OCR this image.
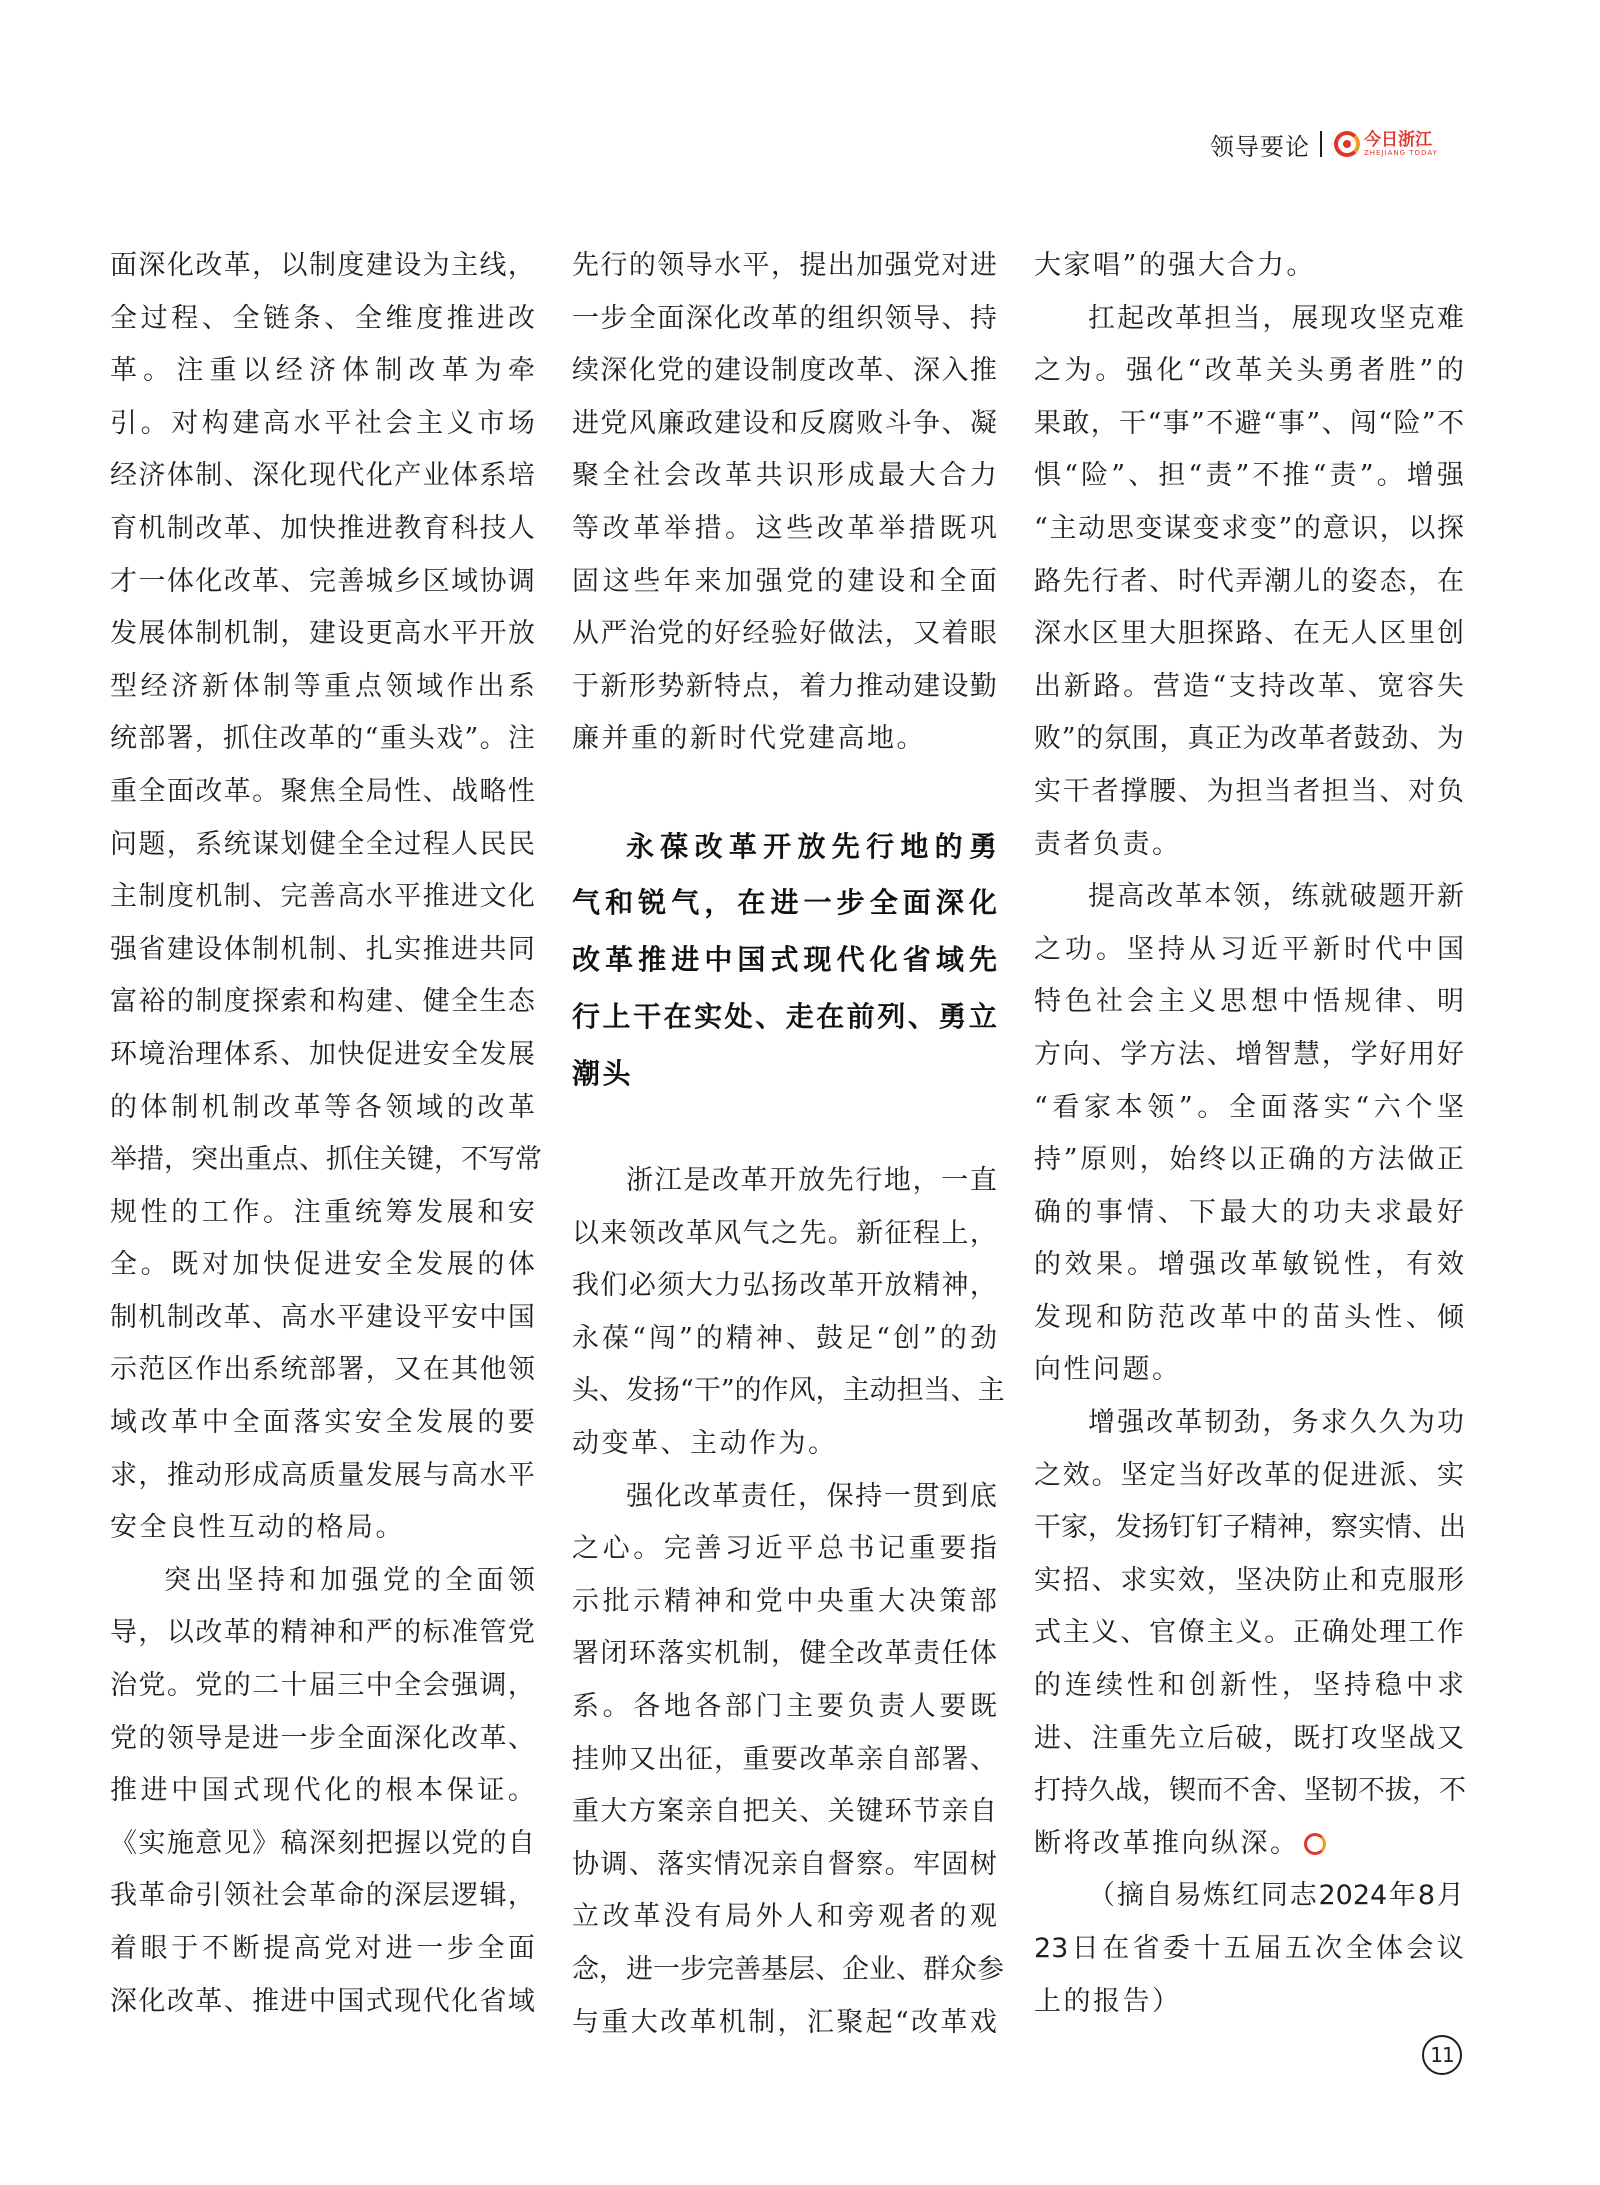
领导要论	今日浙江
ZHEJIANG TODAY
面 深 化 改 革 ， 以 制 度 建 设 为 主 线 ，
全 过 程 、 全 链 条 、 全 维 度 推 进 改
革 。 注 重 以 经 济 体 制 改 革 为 牵
引 。 对 构 建 高 水 平 社 会 主 义 市 场
经 济 体 制 、 深 化 现 代 化 产 业 体 系 培
育 机 制 改 革 、 加 快 推 进 教 育 科 技 人
才 一 体 化 改 革 、 完 善 城 乡 区 域 协 调
发 展 体 制 机 制 ， 建 设 更 高 水 平 开 放
型 经 济 新 体 制 等 重 点 领 域 作 出 系
统 部 署 ， 抓 住 改 革 的 “ 重 头 戏 ” 。 注
重 全 面 改 革 。 聚 焦 全 局 性 、 战 略 性
问 题 ， 系 统 谋 划 健 全 全 过 程 人 民 民
主 制 度 机 制 、 完 善 高 水 平 推 进 文 化
强 省 建 设 体 制 机 制 、 扎 实 推 进 共 同
富 裕 的 制 度 探 索 和 构 建 、 健 全 生 态
环 境 治 理 体 系 、 加 快 促 进 安 全 发 展
的 体 制 机 制 改 革 等 各 领 域 的 改 革
举 措 ， 突 出 重 点 、 抓 住 关 键 ， 不 写 常
规 性 的 工 作 。 注 重 统 筹 发 展 和 安
全 。 既 对 加 快 促 进 安 全 发 展 的 体
制 机 制 改 革 、 高 水 平 建 设 平 安 中 国
示 范 区 作 出 系 统 部 署 ， 又 在 其 他 领
域 改 革 中 全 面 落 实 安 全 发 展 的 要
求 ， 推 动 形 成 高 质 量 发 展 与 高 水 平
安 全 良 性 互 动 的 格 局 。
突 出 坚 持 和 加 强 党 的 全 面 领
导 ， 以 改 革 的 精 神 和 严 的 标 准 管 党
治 党 。 党 的 二 十 届 三 中 全 会 强 调 ，
党 的 领 导 是 进 一 步 全 面 深 化 改 革 、
推 进 中 国 式 现 代 化 的 根 本 保 证 。
《 实 施 意 见 》 稿 深 刻 把 握 以 党 的 自
我 革 命 引 领 社 会 革 命 的 深 层 逻 辑 ，
着 眼 于 不 断 提 高 党 对 进 一 步 全 面
深 化 改 革 、 推 进 中 国 式 现 代 化 省 域
先 行 的 领 导 水 平 ， 提 出 加 强 党 对 进
一 步 全 面 深 化 改 革 的 组 织 领 导 、 持
续 深 化 党 的 建 设 制 度 改 革 、 深 入 推
进 党 风 廉 政 建 设 和 反 腐 败 斗 争 、 凝
聚 全 社 会 改 革 共 识 形 成 最 大 合 力
等 改 革 举 措 。 这 些 改 革 举 措 既 巩
固 这 些 年 来 加 强 党 的 建 设 和 全 面
从 严 治 党 的 好 经 验 好 做 法 ， 又 着 眼
于 新 形 势 新 特 点 ， 着 力 推 动 建 设 勤
廉 并 重 的 新 时 代 党 建 高 地 。
永 葆 改 革 开 放 先 行 地 的 勇
气 和 锐 气 ， 在 进 一 步 全 面 深 化
改 革 推 进 中 国 式 现 代 化 省 域 先
行 上 干 在 实 处 、 走 在 前 列 、 勇 立
潮 头
浙 江 是 改 革 开 放 先 行 地 ， 一 直
以 来 领 改 革 风 气 之 先 。 新 征 程 上 ，
我 们 必 须 大 力 弘 扬 改 革 开 放 精 神 ，
永 葆 “ 闯 ” 的 精 神 、 鼓 足 “ 创 ” 的 劲
头 、 发 扬 “ 干 ” 的 作 风 ， 主 动 担 当 、 主
动 变 革 、 主 动 作 为 。
强 化 改 革 责 任 ， 保 持 一 贯 到 底
之 心 。 完 善 习 近 平 总 书 记 重 要 指
示 批 示 精 神 和 党 中 央 重 大 决 策 部
署 闭 环 落 实 机 制 ， 健 全 改 革 责 任 体
系 。 各 地 各 部 门 主 要 负 责 人 要 既
挂 帅 又 出 征 ， 重 要 改 革 亲 自 部 署 、
重 大 方 案 亲 自 把 关 、 关 键 环 节 亲 自
协 调 、 落 实 情 况 亲 自 督 察 。 牢 固 树
立 改 革 没 有 局 外 人 和 旁 观 者 的 观
念 ， 进 一 步 完 善 基 层 、 企 业 、 群 众 参
与 重 大 改 革 机 制 ， 汇 聚 起 “ 改 革 戏
大 家 唱 ” 的 强 大 合 力 。
扛 起 改 革 担 当 ， 展 现 攻 坚 克 难
之 为 。 强 化 “ 改 革 关 头 勇 者 胜 ” 的
果 敢 ， 干 “ 事 ” 不 避 “ 事 ” 、 闯 “ 险 ” 不
惧 “ 险 ” 、 担 “ 责 ” 不 推 “ 责 ” 。 增 强
“ 主 动 思 变 谋 变 求 变 ” 的 意 识 ， 以 探
路 先 行 者 、 时 代 弄 潮 儿 的 姿 态 ， 在
深 水 区 里 大 胆 探 路 、 在 无 人 区 里 创
出 新 路 。 营 造 “ 支 持 改 革 、 宽 容 失
败 ” 的 氛 围 ， 真 正 为 改 革 者 鼓 劲 、 为
实 干 者 撑 腰 、 为 担 当 者 担 当 、 对 负
责 者 负 责 。
提 高 改 革 本 领 ， 练 就 破 题 开 新
之 功 。 坚 持 从 习 近 平 新 时 代 中 国
特 色 社 会 主 义 思 想 中 悟 规 律 、 明
方 向 、 学 方 法 、 增 智 慧 ， 学 好 用 好
“ 看 家 本 领 ” 。 全 面 落 实 “ 六 个 坚
持 ” 原 则 ， 始 终 以 正 确 的 方 法 做 正
确 的 事 情 、 下 最 大 的 功 夫 求 最 好
的 效 果 。 增 强 改 革 敏 锐 性 ， 有 效
发 现 和 防 范 改 革 中 的 苗 头 性 、 倾
向 性 问 题 。
增 强 改 革 韧 劲 ， 务 求 久 久 为 功
之 效 。 坚 定 当 好 改 革 的 促 进 派 、 实
干 家 ， 发 扬 钉 钉 子 精 神 ， 察 实 情 、 出
实 招 、 求 实 效 ， 坚 决 防 止 和 克 服 形
式 主 义 、 官 僚 主 义 。 正 确 处 理 工 作
的 连 续 性 和 创 新 性 ， 坚 持 稳 中 求
进 、 注 重 先 立 后 破 ， 既 打 攻 坚 战 又
打 持 久 战 ， 锲 而 不 舍 、 坚 韧 不 拔 ， 不
断 将 改 革 推 向 纵 深 。
（ 摘 自 易 炼 红 同 志 2024 年 8 月
23 日 在 省 委 十 五 届 五 次 全 体 会 议
上 的 报 告 ）
11
